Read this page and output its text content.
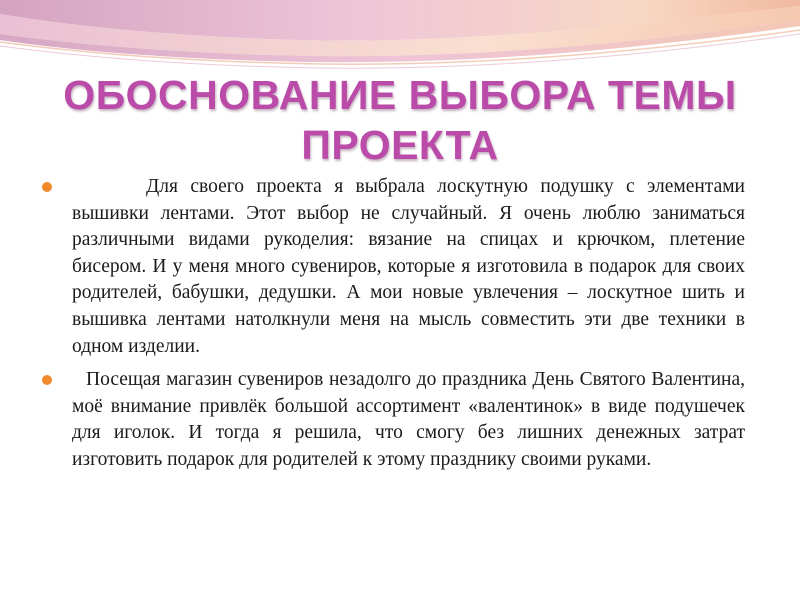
ОБОСНОВАНИЕ ВЫБОРА ТЕМЫ
ПРОЕКТА

Для своего проекта я выбрала лоскутную подушку с элементами вышивки лентами. Этот выбор не случайный. Я очень люблю заниматься различными видами рукоделия: вязание на спицах и крючком, плетение бисером. И у меня много сувениров, которые я изготовила в подарок для своих родителей, бабушки, дедушки. А мои новые увлечения – лоскутное шить и вышивка лентами натолкнули меня на мысль совместить эти две техники в одном изделии.

Посещая магазин сувениров незадолго до праздника День Святого Валентина, моё внимание привлёк большой ассортимент «валентинок» в виде подушечек для иголок. И тогда я решила, что смогу без лишних денежных затрат изготовить подарок для родителей к этому празднику своими руками.
